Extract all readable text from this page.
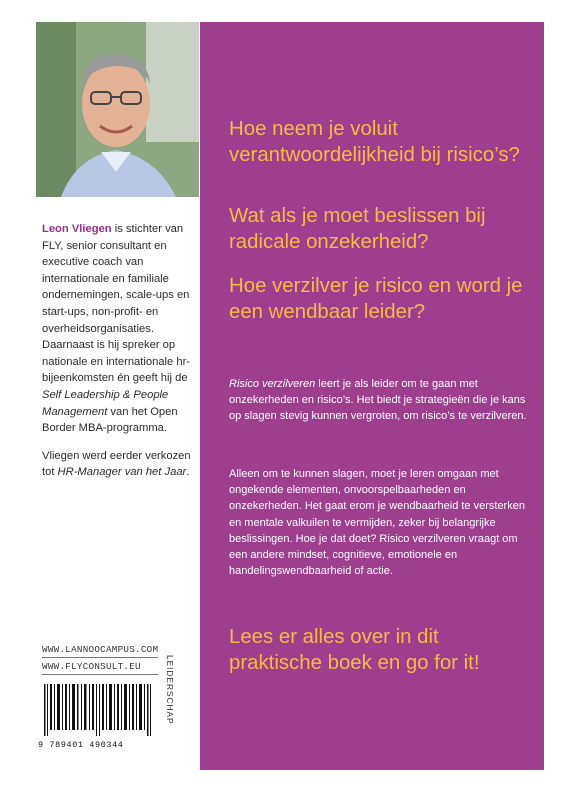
Leon Vliegen is stichter van FLY, senior consultant en executive coach van internationale en familiale ondernemingen, scale-ups en start-ups, non-profit- en overheidsorganisaties. Daarnaast is hij spreker op nationale en internationale hr-bijeenkomsten én geeft hij de Self Leadership & People Management van het Open Border MBA-programma.

Vliegen werd eerder verkozen tot HR-Manager van het Jaar.

WWW.LANNOOCAMPUS.COM
WWW.FLYCONSULT.EU
9 789401 490344
LEIDERSCHAP
Hoe neem je voluit verantwoordelijkheid bij risico’s?
Wat als je moet beslissen bij radicale onzekerheid?
Hoe verzilver je risico en word je een wendbaar leider?

Risico verzilveren leert je als leider om te gaan met onzekerheden en risico’s. Het biedt je strategieën die je kans op slagen stevig kunnen vergroten, om risico’s te verzilveren.

Alleen om te kunnen slagen, moet je leren omgaan met ongekende elementen, onvoorspelbaarheden en onzekerheden. Het gaat erom je wendbaarheid te versterken en mentale valkuilen te vermijden, zeker bij belangrijke beslissingen. Hoe je dat doet? Risico verzilveren vraagt om een andere mindset, cognitieve, emotionele en handelingswendbaarheid of actie.
Lees er alles over in dit praktische boek en go for it!
